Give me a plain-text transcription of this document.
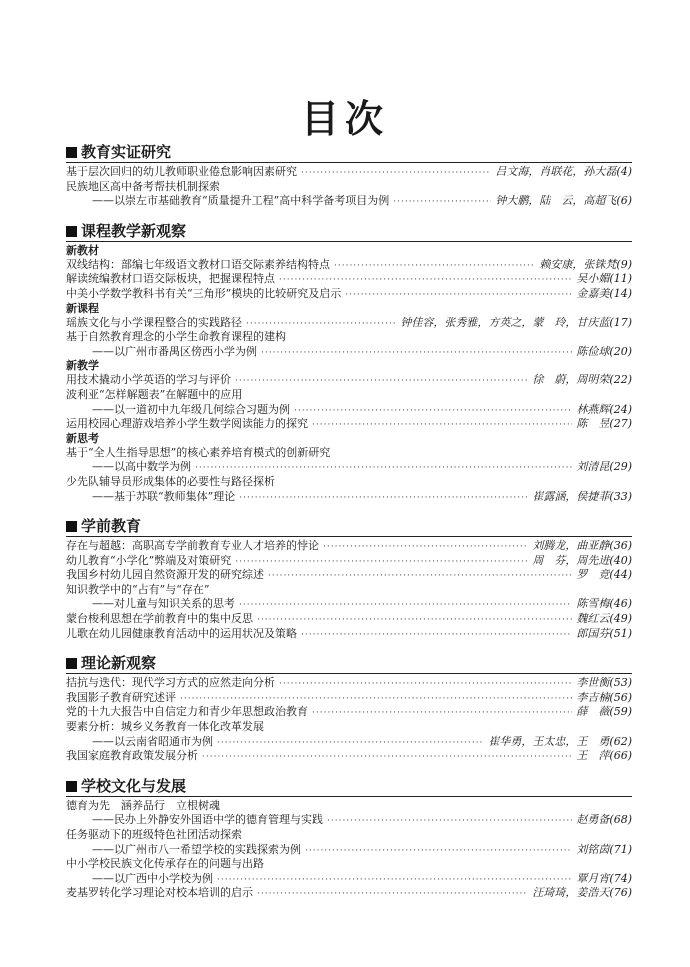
目次
教育实证研究
基于层次回归的幼儿教师职业倦怠影响因素研究 ·····	吕文海，肖联花，孙大磊(4)
民族地区高中备考帮扶机制探索
——以崇左市基础教育“质量提升工程”高中科学备考项目为例 ·····	钟大鹏，陆　云，高超飞(6)
课程教学新观察
新教材
双线结构：部编七年级语文教材口语交际素养结构特点 ·····	赖安康，张铢梵(9)
解读统编教材口语交际板块，把握课程特点 ·····	吴小媚(11)
中美小学数学教科书有关“三角形”模块的比较研究及启示 ·····	金嘉美(14)
新课程
瑶族文化与小学课程整合的实践路径 ·····	钟佳容，张秀雅，方英之，蒙　玲，甘庆蓝(17)
基于自然教育理念的小学生命教育课程的建构
——以广州市番禺区傍西小学为例 ·····	陈俭球(20)
新教学
用技术撬动小学英语的学习与评价 ·····	徐　蔚，周明荣(22)
波利亚“怎样解题表”在解题中的应用
——以一道初中九年级几何综合习题为例 ·····	林燕辉(24)
运用校园心理游戏培养小学生数学阅读能力的探究 ·····	陈　昱(27)
新思考
基于“全人生指导思想”的核心素养培育模式的创新研究
——以高中数学为例 ·····	刘清昆(29)
少先队辅导员形成集体的必要性与路径探析
——基于苏联“教师集体”理论 ·····	崔露涵，侯捷菲(33)
学前教育
存在与超越：高职高专学前教育专业人才培养的悖论 ·····	刘腾龙，曲亚静(36)
幼儿教育“小学化”弊端及对策研究 ·····	周　芬，周先进(40)
我国乡村幼儿园自然资源开发的研究综述 ·····	罗　竞(44)
知识教学中的“占有”与“存在”
——对儿童与知识关系的思考 ·····	陈雪梅(46)
蒙台梭利思想在学前教育中的集中反思 ·····	魏红云(49)
儿歌在幼儿园健康教育活动中的运用状况及策略 ·····	郎国芬(51)
理论新观察
拮抗与迭代：现代学习方式的应然走向分析 ·····	李世衡(53)
我国影子教育研究述评 ·····	李吉楠(56)
党的十九大报告中自信定力和青少年思想政治教育 ·····	薛　薇(59)
要素分析：城乡义务教育一体化改革发展
——以云南省昭通市为例 ·····	崔华勇，王太忠，王　勇(62)
我国家庭教育政策发展分析 ·····	王　萍(66)
学校文化与发展
德育为先　涵养品行　立根树魂
——民办上外静安外国语中学的德育管理与实践 ·····	赵勇备(68)
任务驱动下的班级特色社团活动探索
——以广州市八一希望学校的实践探索为例 ·····	刘铭茵(71)
中小学校民族文化传承存在的问题与出路
——以广西中小学校为例 ·····	覃月宵(74)
麦基罗转化学习理论对校本培训的启示 ·····	汪琦琦，姜浩天(76)
